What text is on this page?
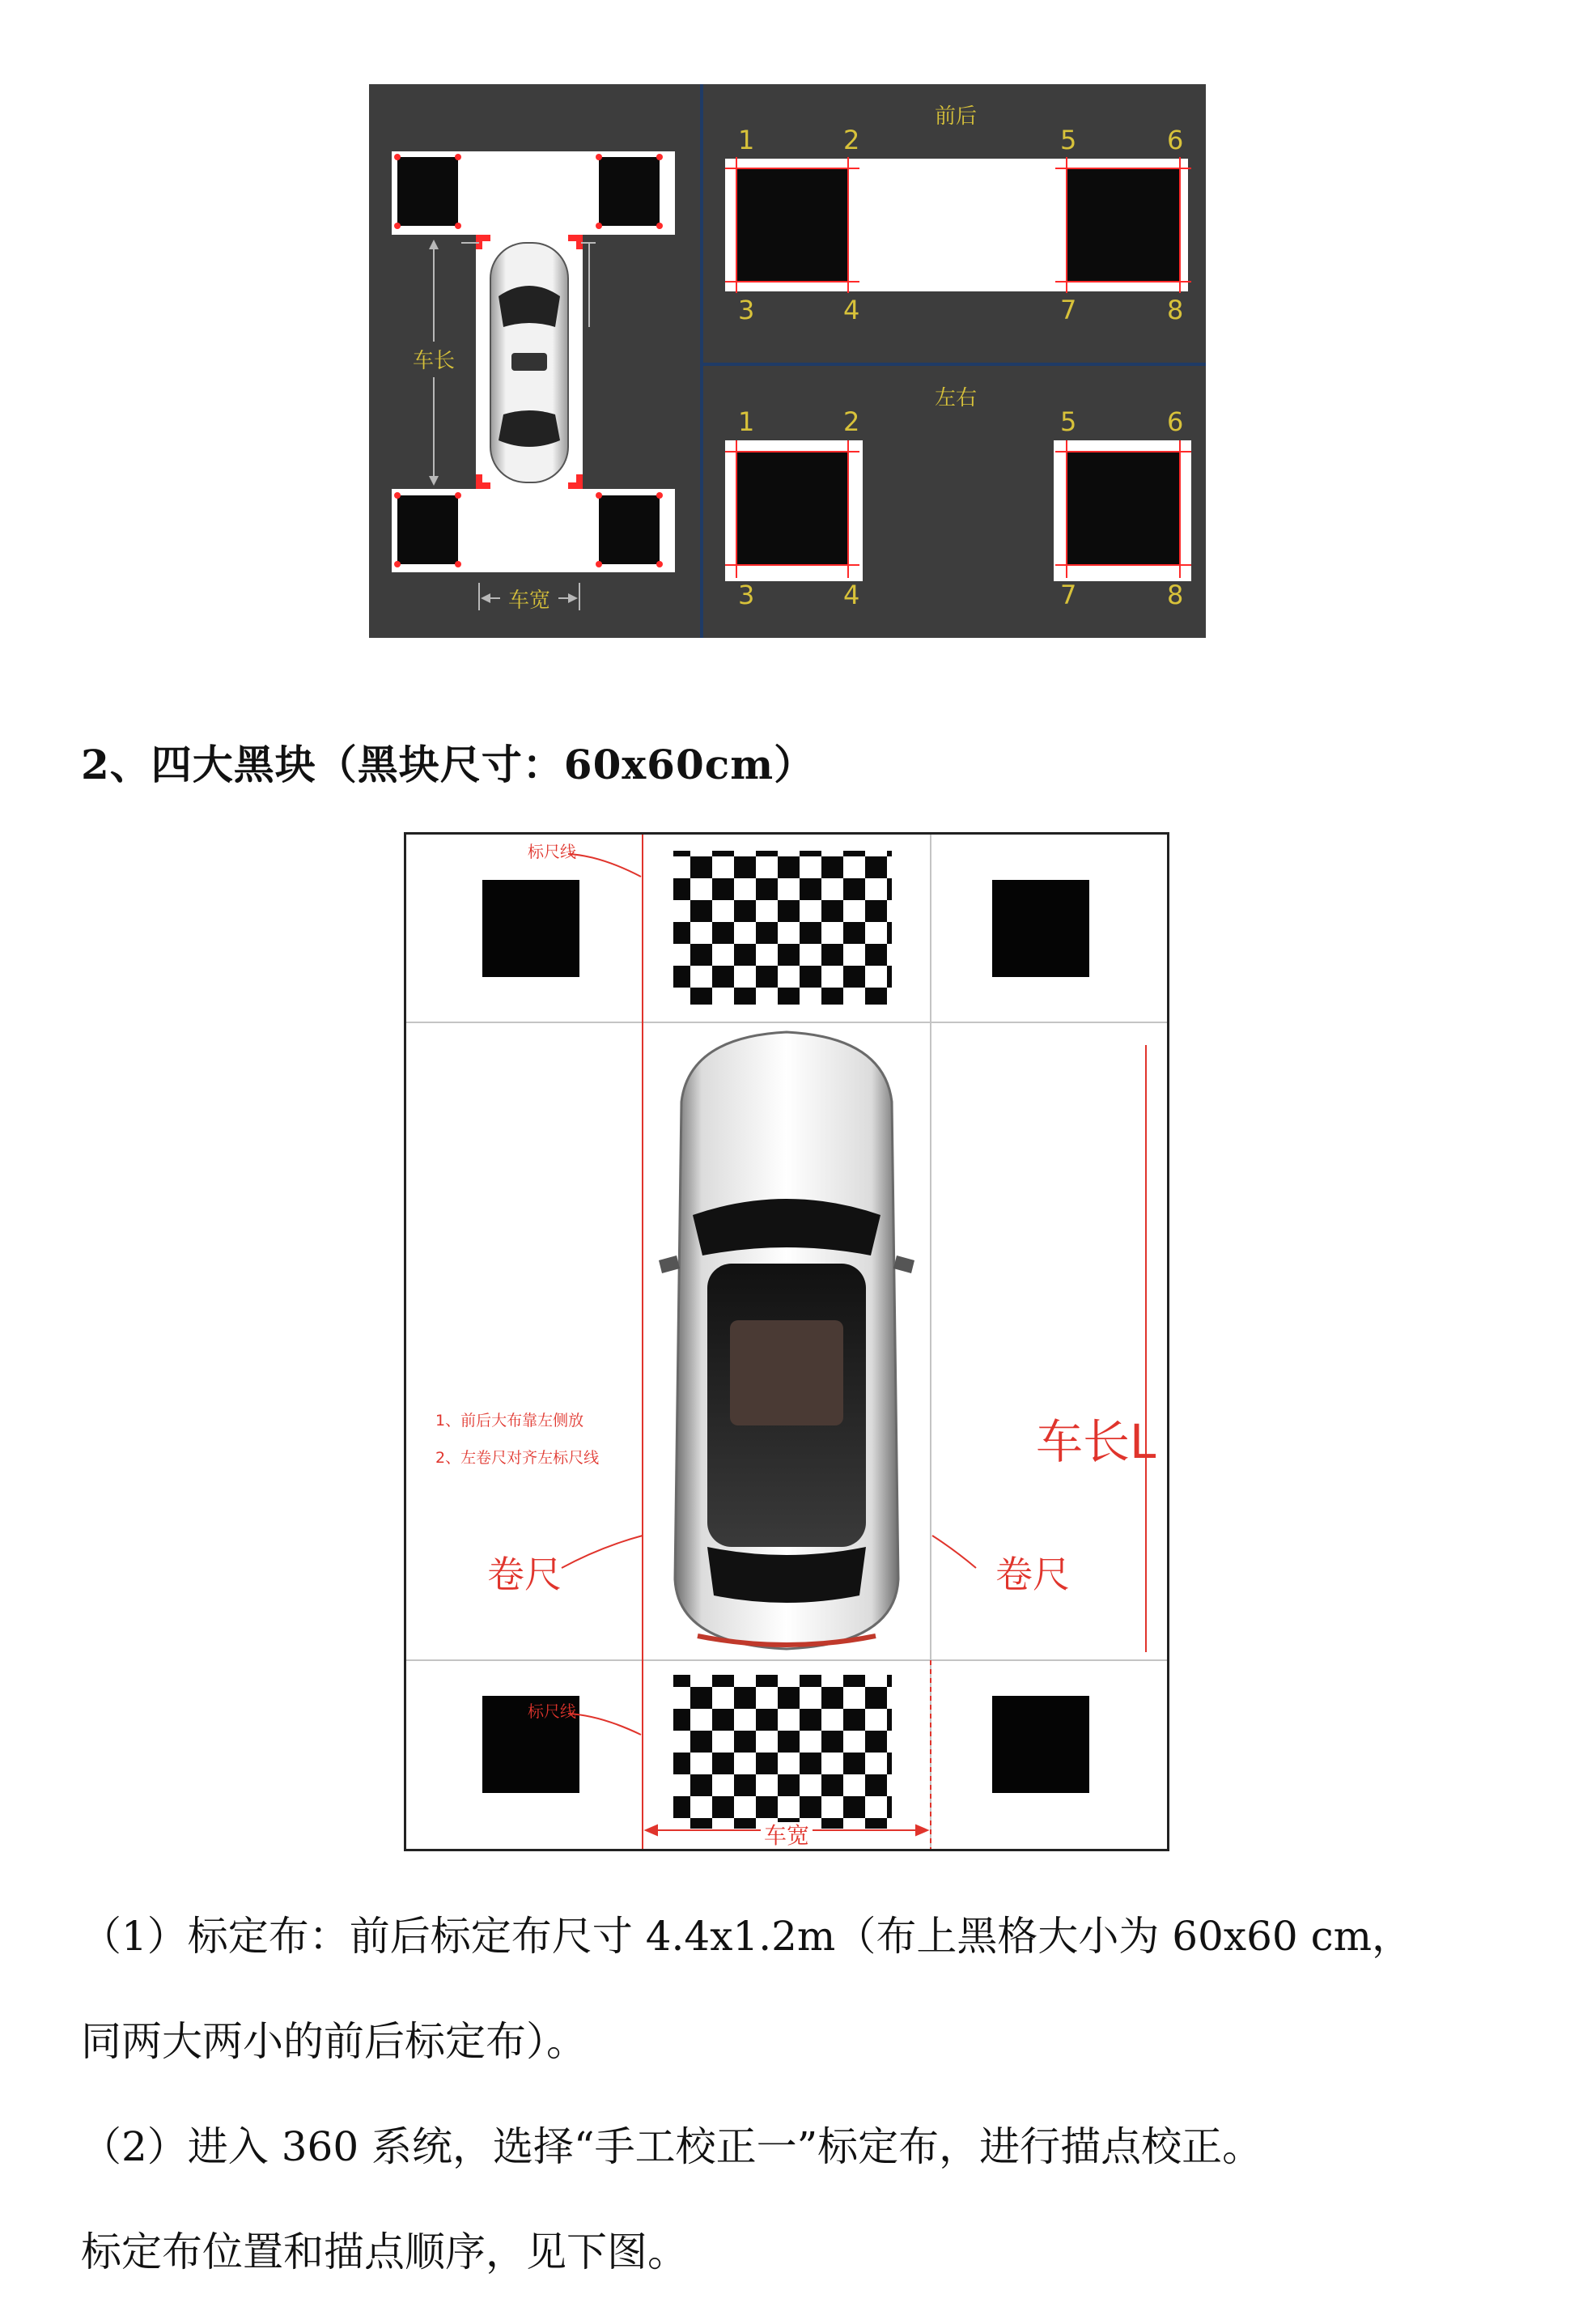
车长
车宽
前后
1	2
3	4
5	6
7	8
左右
1	2
3	4
5	6
7	8
2、四大黑块（黑块尺寸：60x60cm）
标尺线
标尺线
1、前后大布靠左侧放
2、左卷尺对齐左标尺线
卷尺	卷尺
车长L
车宽
（1）标定布：前后标定布尺寸 4.4x1.2m（布上黑格大小为 60x60 cm，
同两大两小的前后标定布）。
（2）进入 360 系统，选择“手工校正一”标定布，进行描点校正。
标定布位置和描点顺序，见下图。
